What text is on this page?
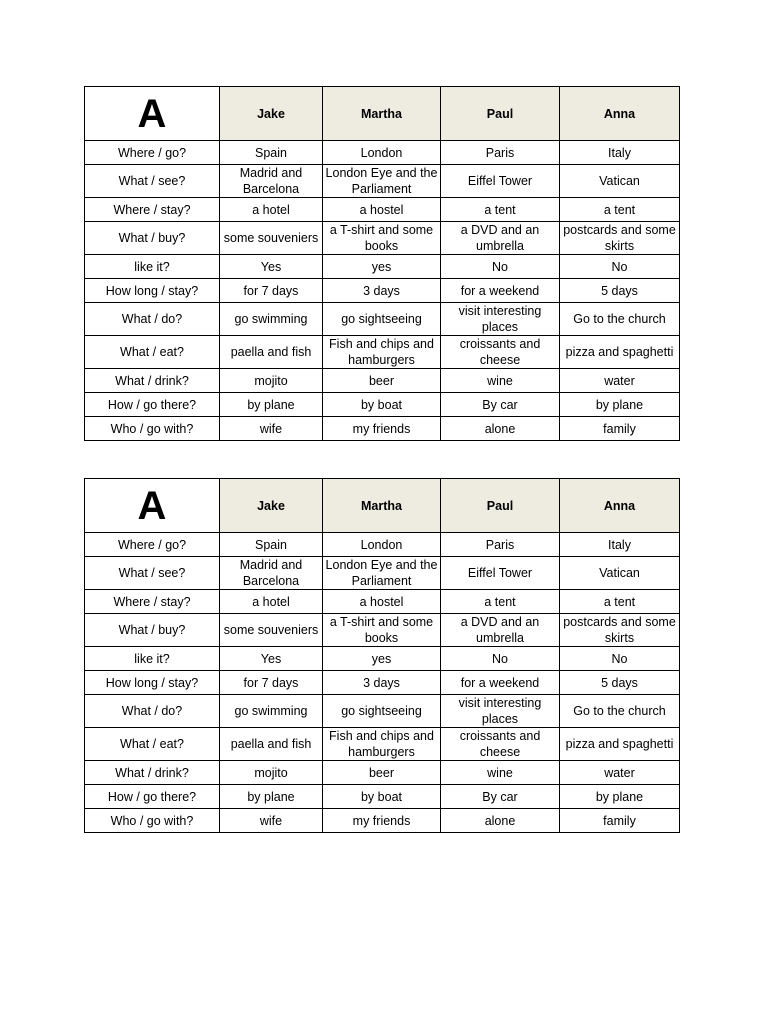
A	Jake	Martha	Paul	Anna
Where / go?	Spain	London	Paris	Italy
What / see?	Madrid and Barcelona	London Eye and the Parliament	Eiffel Tower	Vatican
Where / stay?	a hotel	a hostel	a tent	a tent
What / buy?	some souveniers	a T-shirt and some books	a DVD and an umbrella	postcards and some skirts
like it?	Yes	yes	No	No
How long / stay?	for 7 days	3 days	for a weekend	5 days
What / do?	go swimming	go sightseeing	visit interesting places	Go to the church
What / eat?	paella and fish	Fish and chips and hamburgers	croissants and cheese	pizza and spaghetti
What / drink?	mojito	beer	wine	water
How / go there?	by plane	by boat	By car	by plane
Who / go with?	wife	my friends	alone	family
A	Jake	Martha	Paul	Anna
Where / go?	Spain	London	Paris	Italy
What / see?	Madrid and Barcelona	London Eye and the Parliament	Eiffel Tower	Vatican
Where / stay?	a hotel	a hostel	a tent	a tent
What / buy?	some souveniers	a T-shirt and some books	a DVD and an umbrella	postcards and some skirts
like it?	Yes	yes	No	No
How long / stay?	for 7 days	3 days	for a weekend	5 days
What / do?	go swimming	go sightseeing	visit interesting places	Go to the church
What / eat?	paella and fish	Fish and chips and hamburgers	croissants and cheese	pizza and spaghetti
What / drink?	mojito	beer	wine	water
How / go there?	by plane	by boat	By car	by plane
Who / go with?	wife	my friends	alone	family
